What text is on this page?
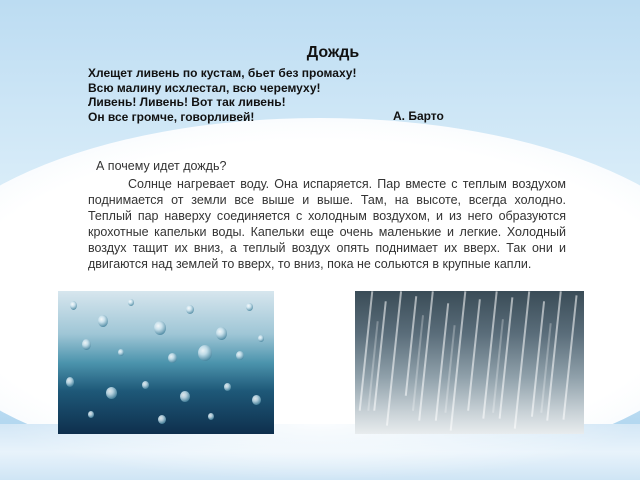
Дождь
Хлещет ливень по кустам, бьет без промаху!
Всю малину исхлестал, всю черемуху!
Ливень! Ливень! Вот так ливень!
Он все громче, говорливей!	А. Барто
А почему идет дождь?
Солнце нагревает воду. Она испаряется. Пар вместе с теплым воздухом поднимается от земли все выше и выше. Там, на высоте, всегда холодно. Теплый пар наверху соединяется с холодным воздухом, и из него образуются крохотные капельки воды. Капельки еще очень маленькие и легкие. Холодный воздух тащит их вниз, а теплый воздух опять поднимает их вверх. Так они и двигаются над землей то вверх, то вниз, пока не сольются в крупные капли.
